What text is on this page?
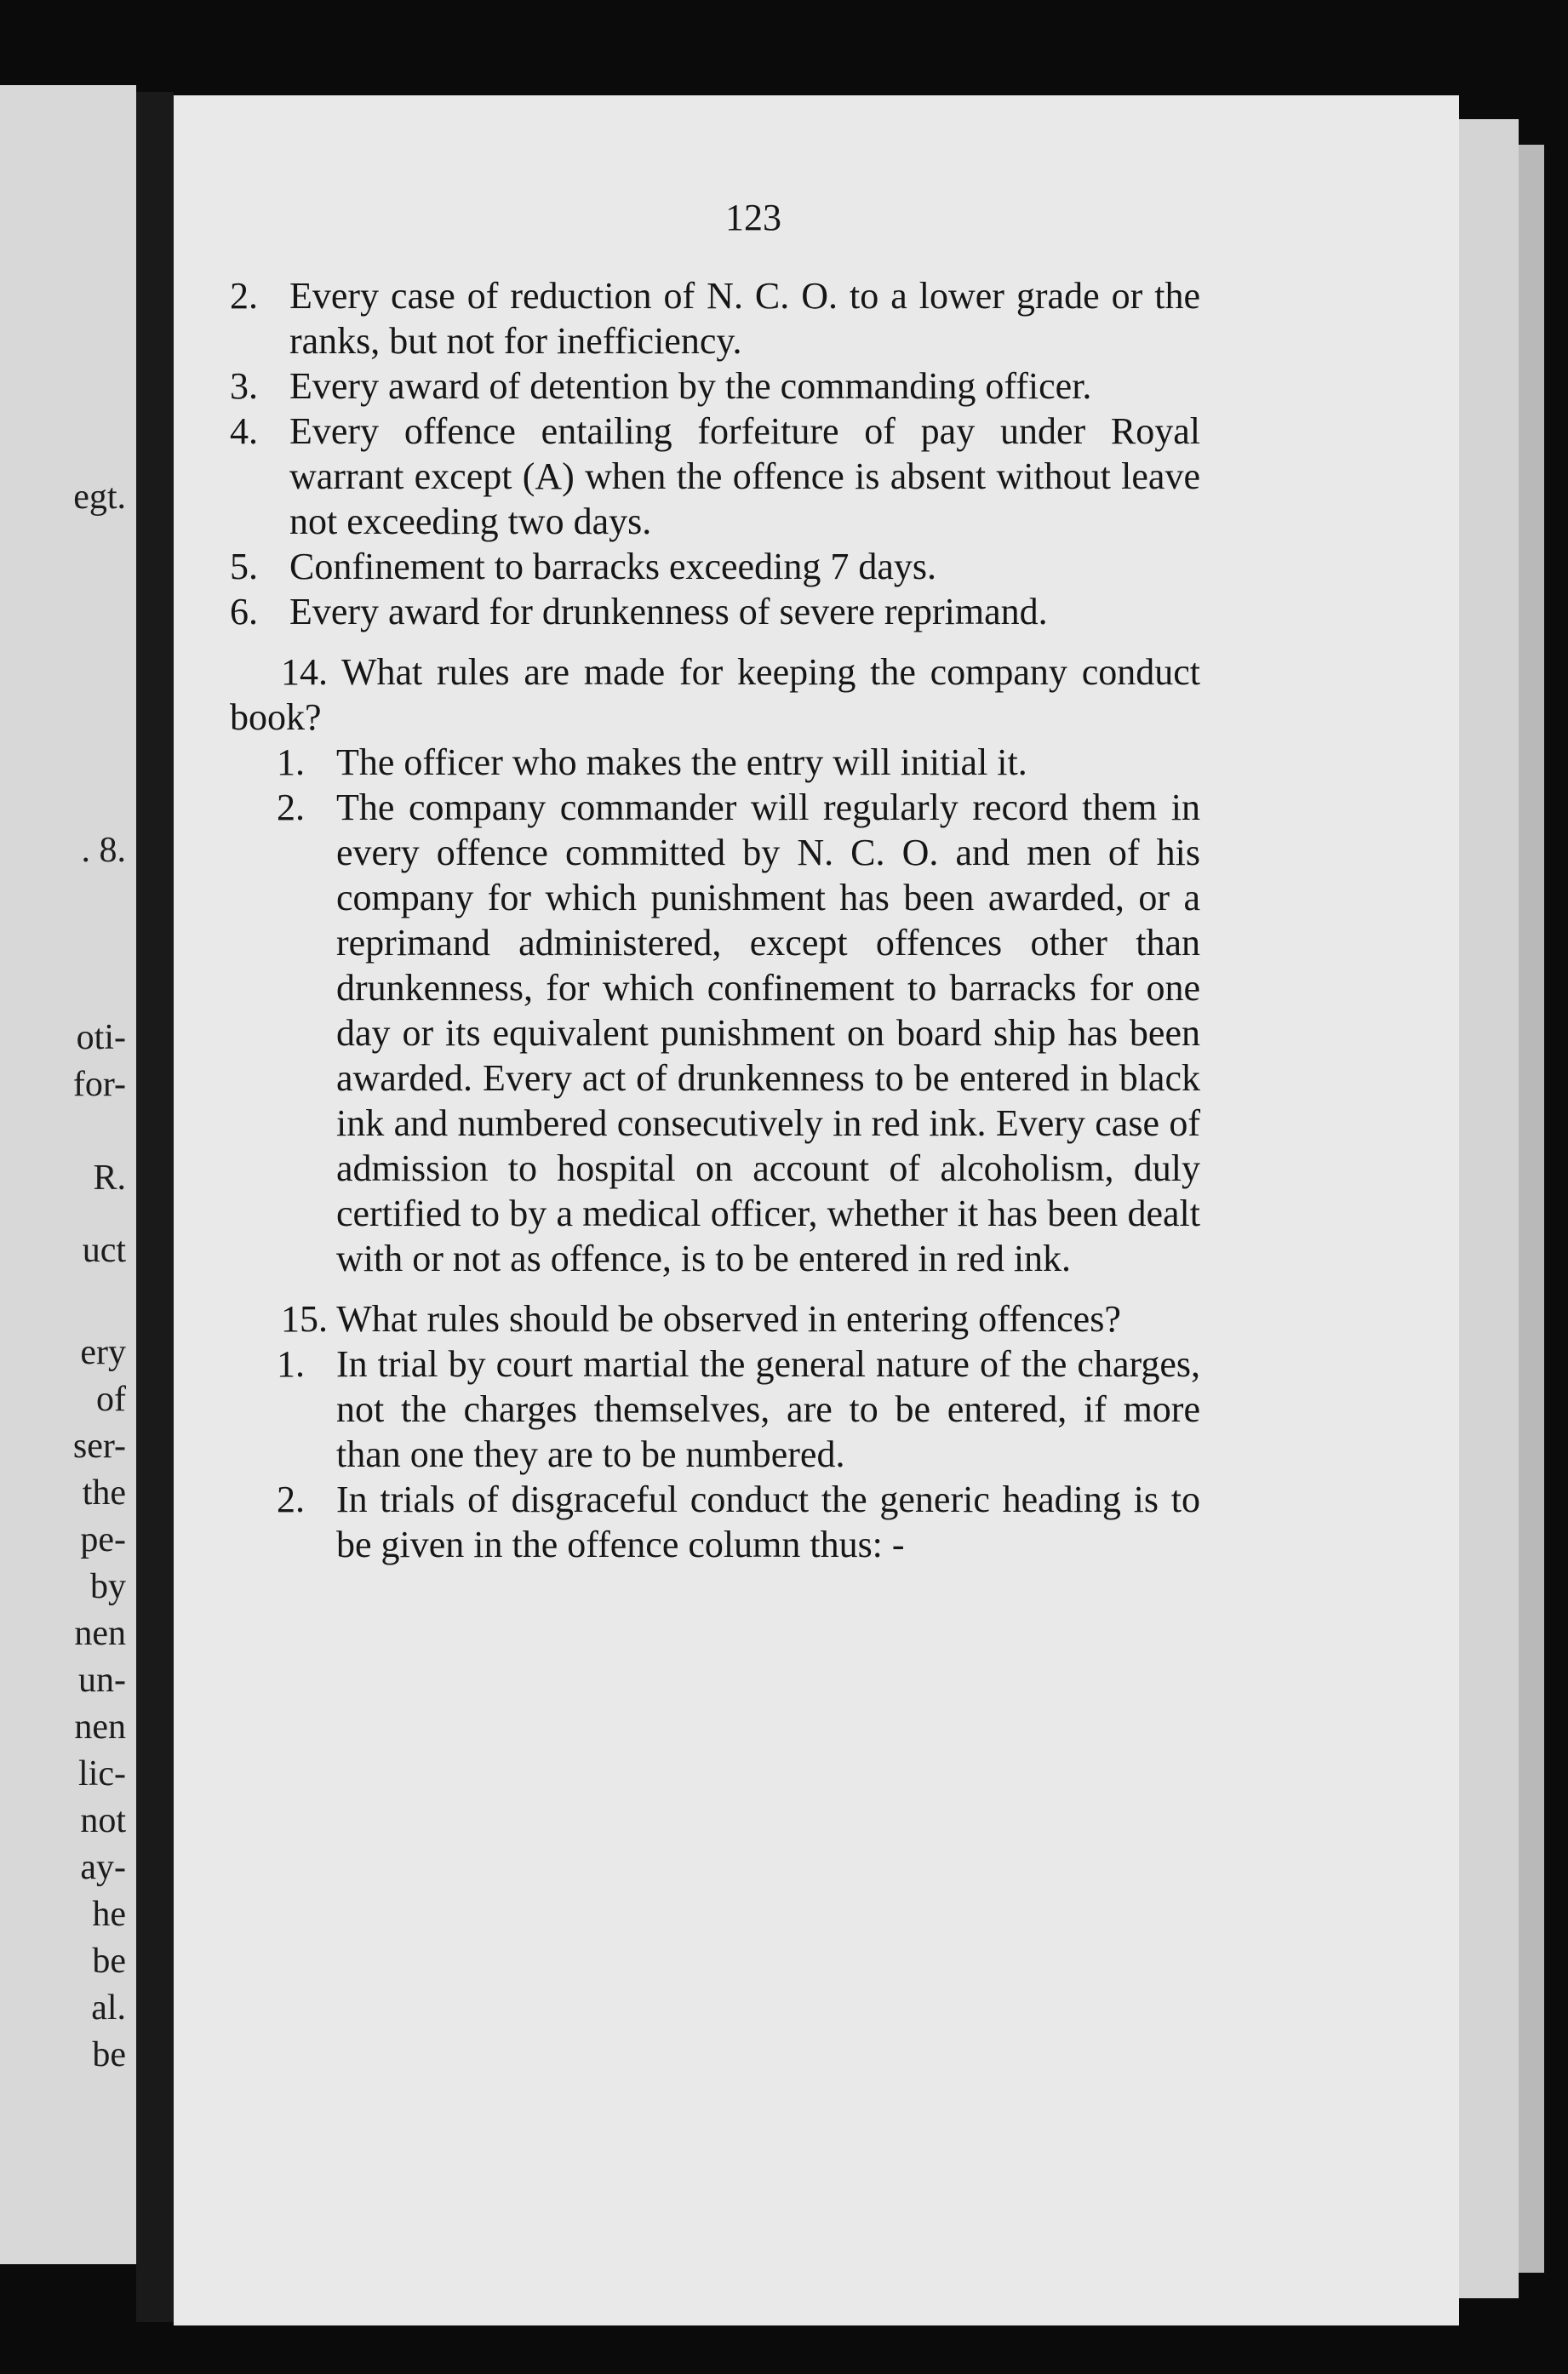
egt.
. 8.
oti-
for-
R.
uct
ery
of
ser-
the
pe-
by
nen
un-
nen
lic-
not
ay-
he
be
al.
be
123
2. Every case of reduction of N. C. O. to a lower grade or the ranks, but not for inefficiency.
3. Every award of detention by the commanding officer.
4. Every offence entailing forfeiture of pay under Royal warrant except (A) when the offence is absent without leave not exceeding two days.
5. Confinement to barracks exceeding 7 days.
6. Every award for drunkenness of severe reprimand.
14. What rules are made for keeping the company conduct book?
1. The officer who makes the entry will initial it.
2. The company commander will regularly record them in every offence committed by N. C. O. and men of his company for which punishment has been awarded, or a reprimand administered, except offences other than drunkenness, for which confinement to barracks for one day or its equivalent punishment on board ship has been awarded. Every act of drunkenness to be entered in black ink and numbered consecutively in red ink. Every case of admission to hospital on account of alcoholism, duly certified to by a medical officer, whether it has been dealt with or not as offence, is to be entered in red ink.
15. What rules should be observed in entering offences?
1. In trial by court martial the general nature of the charges, not the charges themselves, are to be entered, if more than one they are to be numbered.
2. In trials of disgraceful conduct the generic heading is to be given in the offence column thus: -
